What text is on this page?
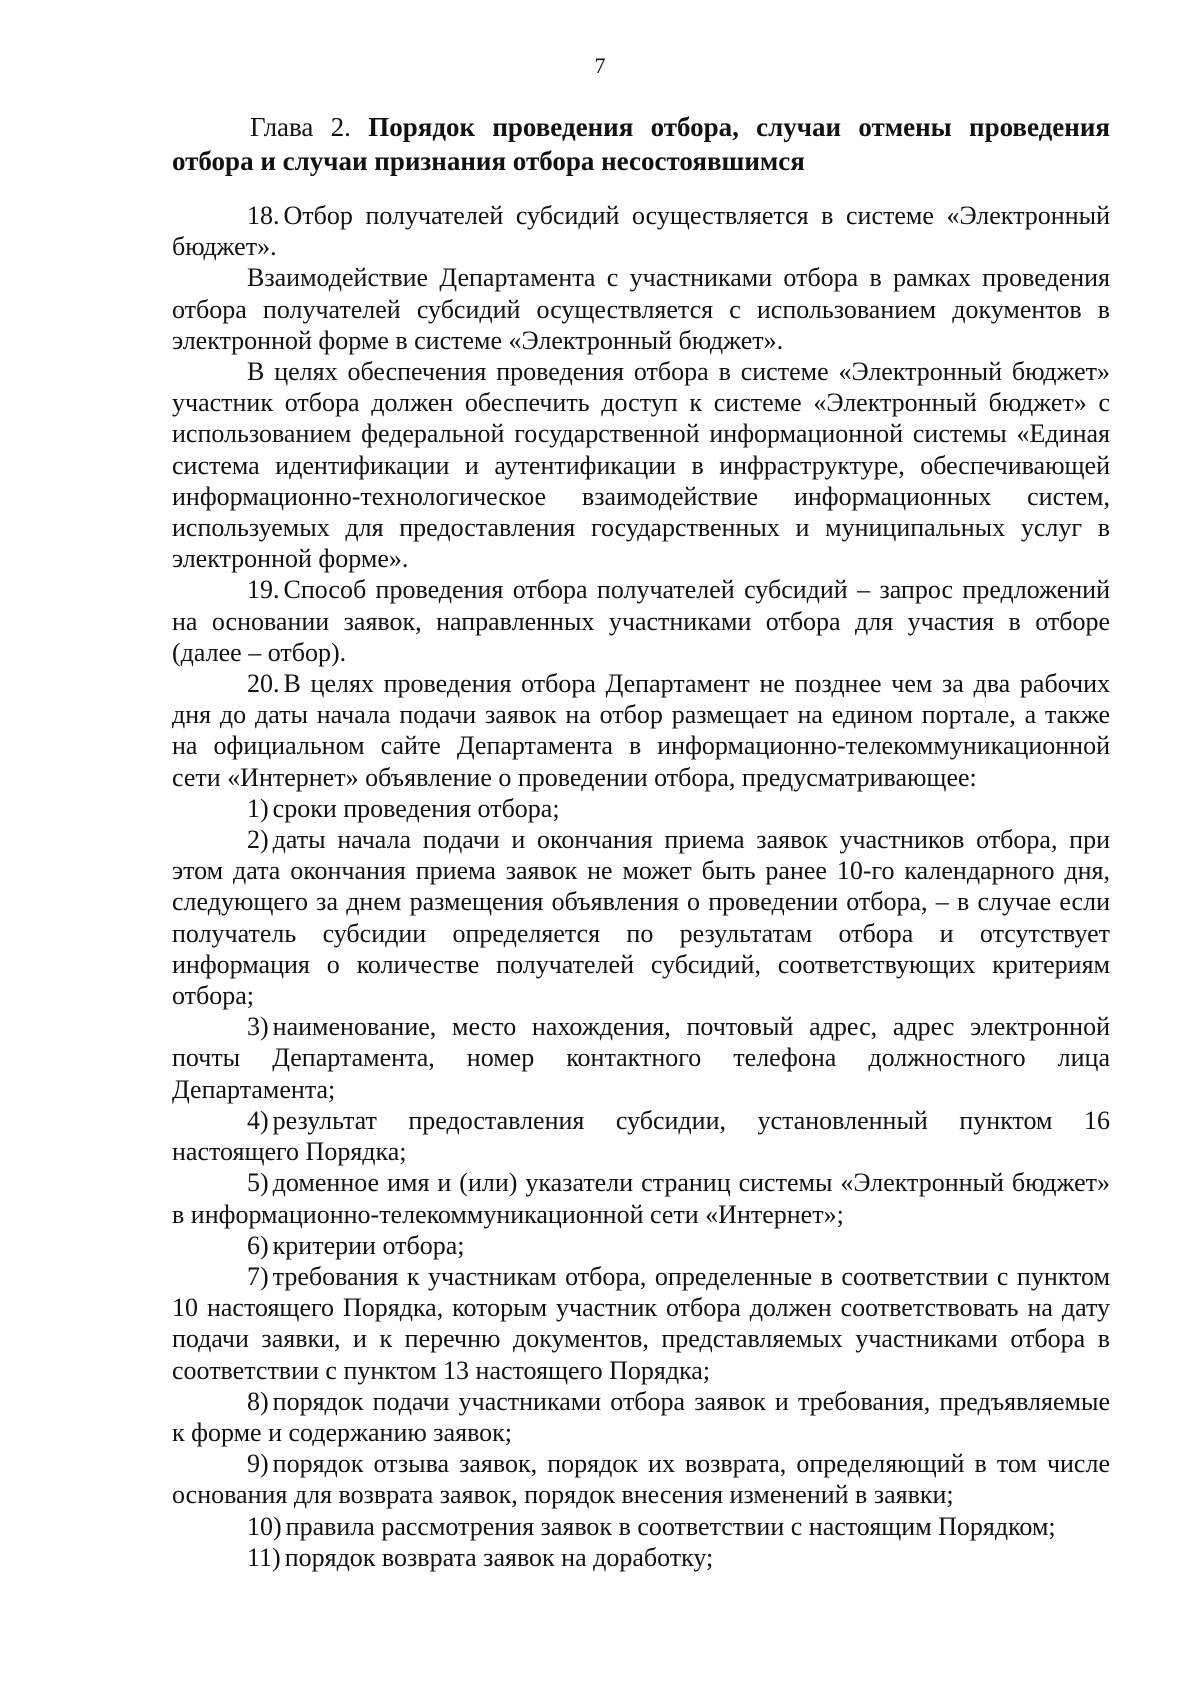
7
Глава 2. Порядок проведения отбора, случаи отмены проведения отбора и случаи признания отбора несостоявшимся

18. Отбор получателей субсидий осуществляется в системе «Электронный бюджет».

Взаимодействие Департамента с участниками отбора в рамках проведения отбора получателей субсидий осуществляется с использованием документов в электронной форме в системе «Электронный бюджет».

В целях обеспечения проведения отбора в системе «Электронный бюджет» участник отбора должен обеспечить доступ к системе «Электронный бюджет» с использованием федеральной государственной информационной системы «Единая система идентификации и аутентификации в инфраструктуре, обеспечивающей информационно-технологическое взаимодействие информационных систем, используемых для предоставления государственных и муниципальных услуг в электронной форме».

19. Способ проведения отбора получателей субсидий – запрос предложений на основании заявок, направленных участниками отбора для участия в отборе (далее – отбор).

20. В целях проведения отбора Департамент не позднее чем за два рабочих дня до даты начала подачи заявок на отбор размещает на едином портале, а также на официальном сайте Департамента в информационно-телекоммуникационной сети «Интернет» объявление о проведении отбора, предусматривающее:

1) сроки проведения отбора;

2) даты начала подачи и окончания приема заявок участников отбора, при этом дата окончания приема заявок не может быть ранее 10-го календарного дня, следующего за днем размещения объявления о проведении отбора, – в случае если получатель субсидии определяется по результатам отбора и отсутствует информация о количестве получателей субсидий, соответствующих критериям отбора;

3) наименование, место нахождения, почтовый адрес, адрес электронной почты Департамента, номер контактного телефона должностного лица Департамента;

4) результат предоставления субсидии, установленный пунктом 16 настоящего Порядка;

5) доменное имя и (или) указатели страниц системы «Электронный бюджет» в информационно-телекоммуникационной сети «Интернет»;

6) критерии отбора;

7) требования к участникам отбора, определенные в соответствии с пунктом 10 настоящего Порядка, которым участник отбора должен соответствовать на дату подачи заявки, и к перечню документов, представляемых участниками отбора в соответствии с пунктом 13 настоящего Порядка;

8) порядок подачи участниками отбора заявок и требования, предъявляемые к форме и содержанию заявок;

9) порядок отзыва заявок, порядок их возврата, определяющий в том числе основания для возврата заявок, порядок внесения изменений в заявки;

10) правила рассмотрения заявок в соответствии с настоящим Порядком;

11) порядок возврата заявок на доработку;
